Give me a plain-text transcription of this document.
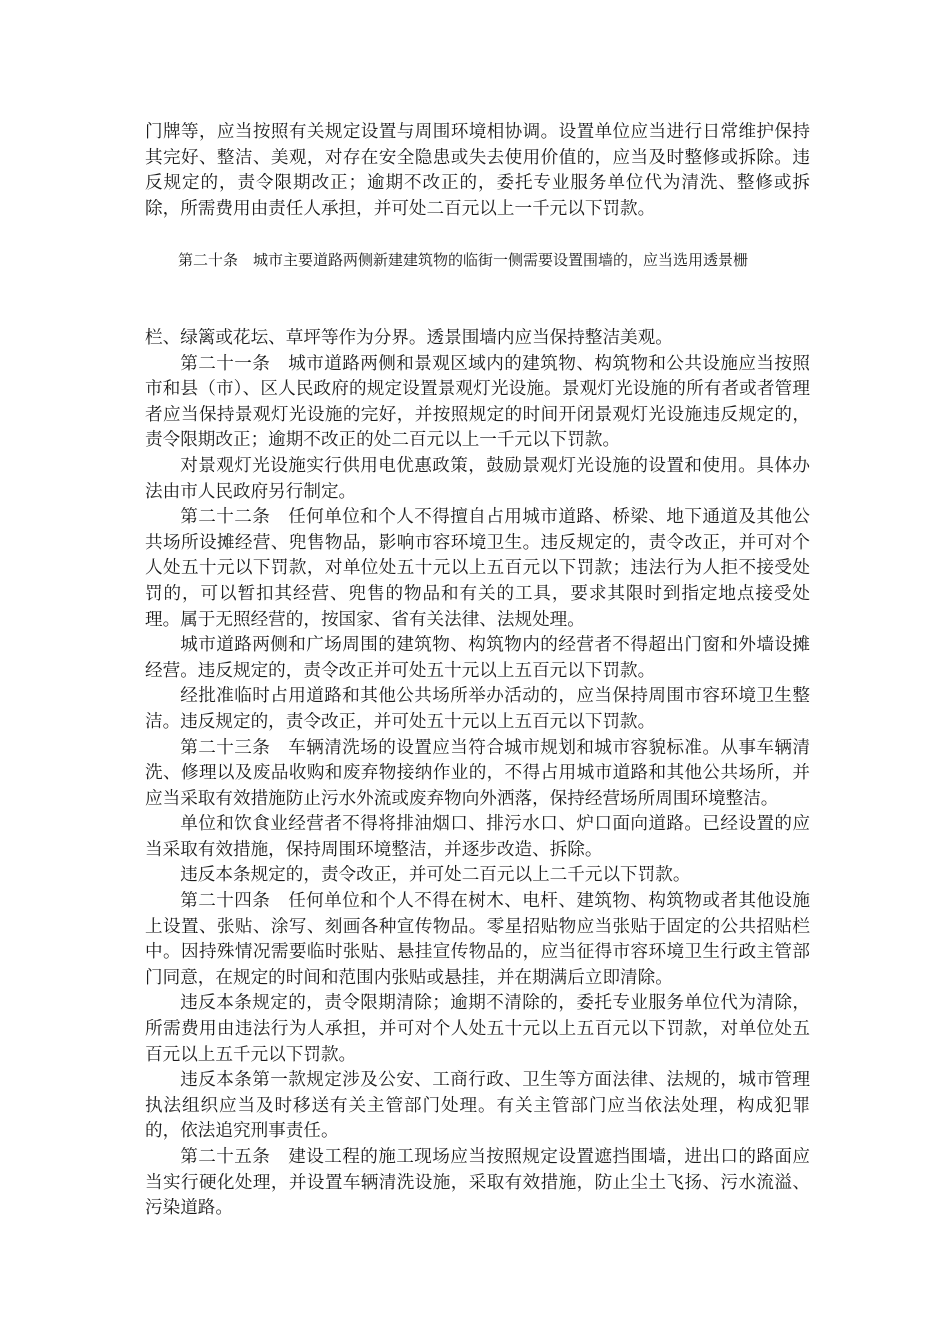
门牌等，应当按照有关规定设置与周围环境相协调。设置单位应当进行日常维护保持其完好、整洁、美观，对存在安全隐患或失去使用价值的，应当及时整修或拆除。违反规定的，责令限期改正；逾期不改正的，委托专业服务单位代为清洗、整修或拆除，所需费用由责任人承担，并可处二百元以上一千元以下罚款。

第二十条　城市主要道路两侧新建建筑物的临街一侧需要设置围墙的，应当选用透景栅

栏、绿篱或花坛、草坪等作为分界。透景围墙内应当保持整洁美观。

第二十一条　城市道路两侧和景观区域内的建筑物、构筑物和公共设施应当按照市和县（市）、区人民政府的规定设置景观灯光设施。景观灯光设施的所有者或者管理者应当保持景观灯光设施的完好，并按照规定的时间开闭景观灯光设施违反规定的，责令限期改正；逾期不改正的处二百元以上一千元以下罚款。

对景观灯光设施实行供用电优惠政策，鼓励景观灯光设施的设置和使用。具体办法由市人民政府另行制定。

第二十二条　任何单位和个人不得擅自占用城市道路、桥梁、地下通道及其他公共场所设摊经营、兜售物品，影响市容环境卫生。违反规定的，责令改正，并可对个人处五十元以下罚款，对单位处五十元以上五百元以下罚款；违法行为人拒不接受处罚的，可以暂扣其经营、兜售的物品和有关的工具，要求其限时到指定地点接受处理。属于无照经营的，按国家、省有关法律、法规处理。

城市道路两侧和广场周围的建筑物、构筑物内的经营者不得超出门窗和外墙设摊经营。违反规定的，责令改正并可处五十元以上五百元以下罚款。

经批准临时占用道路和其他公共场所举办活动的，应当保持周围市容环境卫生整洁。违反规定的，责令改正，并可处五十元以上五百元以下罚款。

第二十三条　车辆清洗场的设置应当符合城市规划和城市容貌标准。从事车辆清洗、修理以及废品收购和废弃物接纳作业的，不得占用城市道路和其他公共场所，并应当采取有效措施防止污水外流或废弃物向外洒落，保持经营场所周围环境整洁。

单位和饮食业经营者不得将排油烟口、排污水口、炉口面向道路。已经设置的应当采取有效措施，保持周围环境整洁，并逐步改造、拆除。

违反本条规定的，责令改正，并可处二百元以上二千元以下罚款。

第二十四条　任何单位和个人不得在树木、电杆、建筑物、构筑物或者其他设施上设置、张贴、涂写、刻画各种宣传物品。零星招贴物应当张贴于固定的公共招贴栏中。因持殊情况需要临时张贴、悬挂宣传物品的，应当征得市容环境卫生行政主管部门同意，在规定的时间和范围内张贴或悬挂，并在期满后立即清除。

违反本条规定的，责令限期清除；逾期不清除的，委托专业服务单位代为清除，所需费用由违法行为人承担，并可对个人处五十元以上五百元以下罚款，对单位处五百元以上五千元以下罚款。

违反本条第一款规定涉及公安、工商行政、卫生等方面法律、法规的，城市管理执法组织应当及时移送有关主管部门处理。有关主管部门应当依法处理，构成犯罪的，依法追究刑事责任。

第二十五条　建设工程的施工现场应当按照规定设置遮挡围墙，进出口的路面应当实行硬化处理，并设置车辆清洗设施，采取有效措施，防止尘土飞扬、污水流溢、污染道路。
